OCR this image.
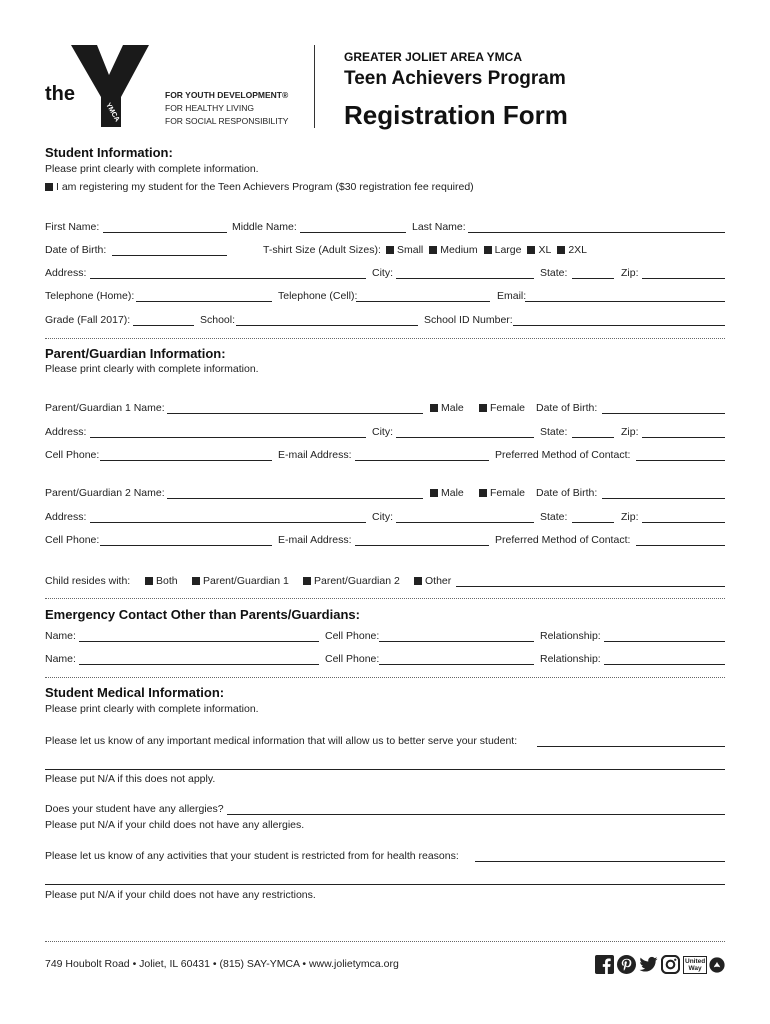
the
YMCA
FOR YOUTH DEVELOPMENT®
FOR HEALTHY LIVING
FOR SOCIAL RESPONSIBILITY
GREATER JOLIET AREA YMCA
Teen Achievers Program
Registration Form
Student Information:
Please print clearly with complete information.
I am registering my student for the Teen Achievers Program ($30 registration fee required)
First Name:	Middle Name:	Last Name:
Date of Birth:	T-shirt Size (Adult Sizes): Small Medium Large XL 2XL
Address:	City:	State:	Zip:
Telephone (Home):	Telephone (Cell):	Email:
Grade (Fall 2017):	School:	School ID Number:
Parent/Guardian Information:
Please print clearly with complete information.
Parent/Guardian 1 Name:	Male Female Date of Birth:
Address:	City:	State:	Zip:
Cell Phone:	E-mail Address:	Preferred Method of Contact:
Parent/Guardian 2 Name:	Male Female Date of Birth:
Address:	City:	State:	Zip:
Cell Phone:	E-mail Address:	Preferred Method of Contact:
Child resides with: Both Parent/Guardian 1 Parent/Guardian 2 Other
Emergency Contact Other than Parents/Guardians:
Name:	Cell Phone:	Relationship:
Name:	Cell Phone:	Relationship:
Student Medical Information:
Please print clearly with complete information.
Please let us know of any important medical information that will allow us to better serve your student:
Please put N/A if this does not apply.
Does your student have any allergies?
Please put N/A if your child does not have any allergies.
Please let us know of any activities that your student is restricted from for health reasons:
Please put N/A if your child does not have any restrictions.
749 Houbolt Road • Joliet, IL 60431 • (815) SAY-YMCA • www.jolietymca.org	United Way
